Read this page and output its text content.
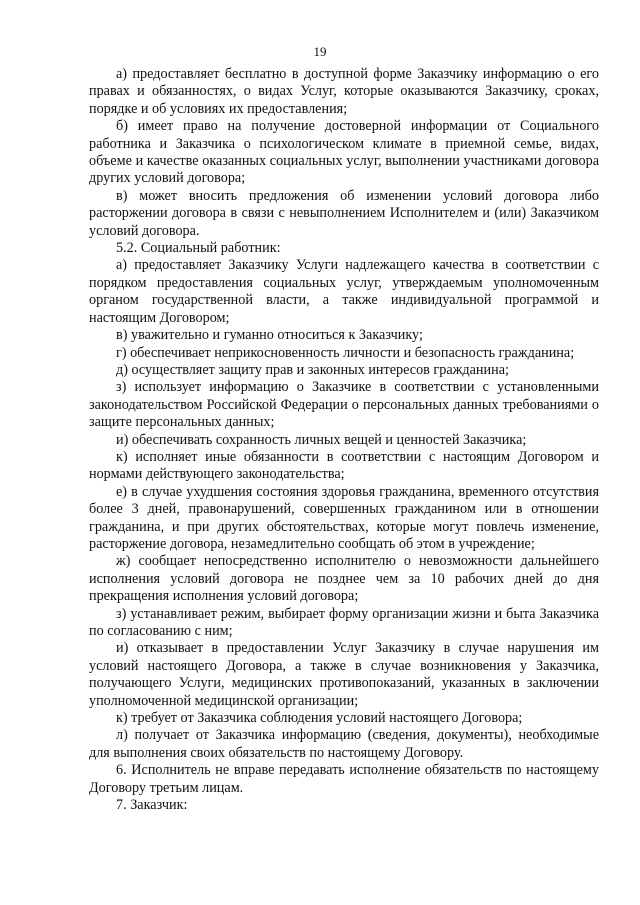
19

а) предоставляет бесплатно в доступной форме Заказчику информацию о его правах и обязанностях, о видах Услуг, которые оказываются Заказчику, сроках, порядке и об условиях их предоставления;

б) имеет право на получение достоверной информации от Социального работника и Заказчика о психологическом климате в приемной семье, видах, объеме и качестве оказанных социальных услуг, выполнении участниками договора других условий договора;

в) может вносить предложения об изменении условий договора либо расторжении договора в связи с невыполнением Исполнителем и (или) Заказчиком условий договора.

5.2. Социальный работник:

а) предоставляет Заказчику Услуги надлежащего качества в соответствии с порядком предоставления социальных услуг, утверждаемым уполномоченным органом государственной власти, а также индивидуальной программой и настоящим Договором;

в) уважительно и гуманно относиться к Заказчику;

г) обеспечивает неприкосновенность личности и безопасность гражданина;

д) осуществляет защиту прав и законных интересов гражданина;

з) использует информацию о Заказчике в соответствии с установленными законодательством Российской Федерации о персональных данных требованиями о защите персональных данных;

и) обеспечивать сохранность личных вещей и ценностей Заказчика;

к) исполняет иные обязанности в соответствии с настоящим Договором и нормами действующего законодательства;

е) в случае ухудшения состояния здоровья гражданина, временного отсутствия более 3 дней, правонарушений, совершенных гражданином или в отношении гражданина, и при других обстоятельствах, которые могут повлечь изменение, расторжение договора, незамедлительно сообщать об этом в учреждение;

ж) сообщает непосредственно исполнителю о невозможности дальнейшего исполнения условий договора не позднее чем за 10 рабочих дней до дня прекращения исполнения условий договора;

з) устанавливает режим, выбирает форму организации жизни и быта Заказчика по согласованию с ним;

и) отказывает в предоставлении Услуг Заказчику в случае нарушения им условий настоящего Договора, а также в случае возникновения у Заказчика, получающего Услуги, медицинских противопоказаний, указанных в заключении уполномоченной медицинской организации;

к) требует от Заказчика соблюдения условий настоящего Договора;

л) получает от Заказчика информацию (сведения, документы), необходимые для выполнения своих обязательств по настоящему Договору.

6. Исполнитель не вправе передавать исполнение обязательств по настоящему Договору третьим лицам.

7. Заказчик:
